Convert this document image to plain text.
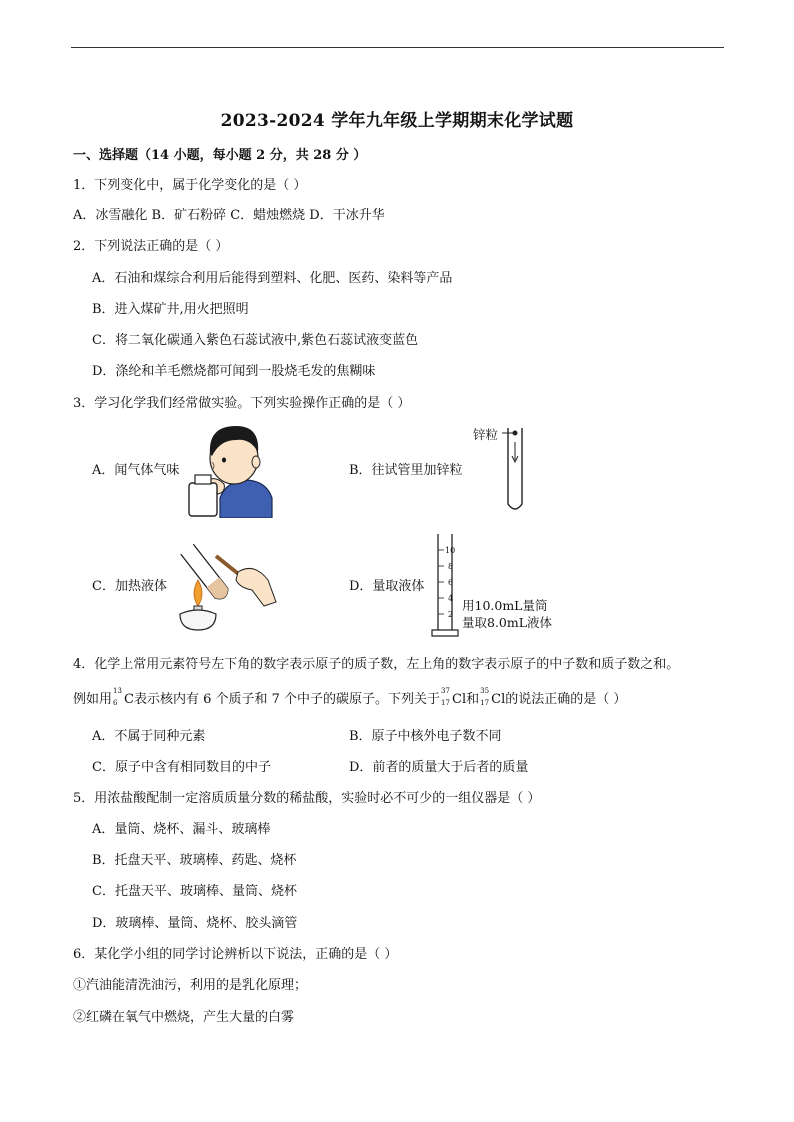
2023-2024 学年九年级上学期期末化学试题
一、选择题（14 小题，每小题 2 分，共 28 分 ）
1．下列变化中，属于化学变化的是（ ）
A．冰雪融化 B．矿石粉碎 C．蜡烛燃烧 D．干冰升华
2．下列说法正确的是（ ）
A．石油和煤综合利用后能得到塑料、化肥、医药、染料等产品
B．进入煤矿井,用火把照明
C．将二氧化碳通入紫色石蕊试液中,紫色石蕊试液变蓝色
D．涤纶和羊毛燃烧都可闻到一股烧毛发的焦糊味
3．学习化学我们经常做实验。下列实验操作正确的是（ ）
A．闻气体气味	B．往试管里加锌粒
锌粒
C．加热液体	D．量取液体
10
8
6
4
2
用10.0mL量筒
量取8.0mL液体
4．化学上常用元素符号左下角的数字表示原子的质子数，左上角的数字表示原子的中子数和质子数之和。
例如用
13
6 C表示核内有 6 个质子和 7 个中子的碳原子。下列关于
37
17 Cl和
35
17 Cl的说法正确的是（ ）
A．不属于同种元素	B．原子中核外电子数不同
C．原子中含有相同数目的中子	D．前者的质量大于后者的质量
5．用浓盐酸配制一定溶质质量分数的稀盐酸，实验时必不可少的一组仪器是（ ）
A．量筒、烧杯、漏斗、玻璃棒
B．托盘天平、玻璃棒、药匙、烧杯
C．托盘天平、玻璃棒、量筒、烧杯
D．玻璃棒、量筒、烧杯、胶头滴管
6．某化学小组的同学讨论辨析以下说法，正确的是（ ）
①汽油能清洗油污，利用的是乳化原理；
②红磷在氧气中燃烧，产生大量的白雾
